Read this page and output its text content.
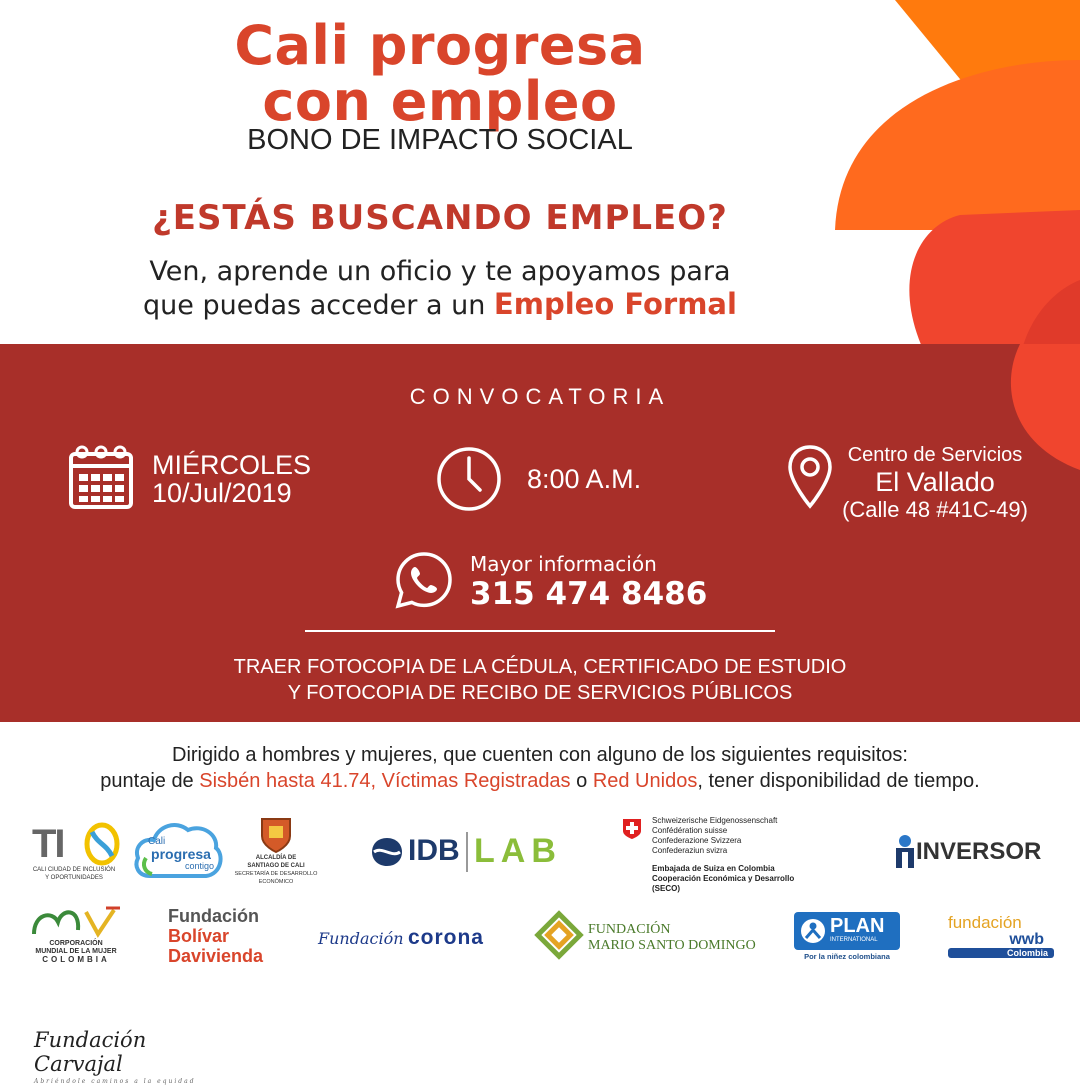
Cali progresa
con empleo
BONO DE IMPACTO SOCIAL
¿ESTÁS BUSCANDO EMPLEO?
Ven, aprende un oficio y te apoyamos para
que puedas acceder a un Empleo Formal
CONVOCATORIA
MIÉRCOLES
10/Jul/2019	8:00 A.M.
Centro de Servicios
El Vallado
(Calle 48 #41C-49)
Mayor información
315 474 8486
TRAER FOTOCOPIA DE LA CÉDULA, CERTIFICADO DE ESTUDIO
Y FOTOCOPIA DE RECIBO DE SERVICIOS PÚBLICOS
Dirigido a hombres y mujeres, que cuenten con alguno de los siguientes requisitos:
puntaje de Sisbén hasta 41.74, Víctimas Registradas o Red Unidos, tener disponibilidad de tiempo.
TI
CALI CIUDAD DE INCLUSIÓN
Y OPORTUNIDADES
Cali
progresa
contigo
ALCALDÍA DE
SANTIAGO DE CALI
SECRETARÍA DE DESARROLLO
ECONÓMICO
IDB LAB
Schweizerische Eidgenossenschaft
Confédération suisse
Confederazione Svizzera
Confederaziun svizra
Embajada de Suiza en Colombia
Cooperación Económica y Desarrollo (SECO)
INVERSOR
CORPORACIÓN
MUNDIAL DE LA MUJER
COLOMBIA
Fundación
Bolívar
Davivienda
Fundación corona	FUNDACIÓN
MARIO SANTO DOMINGO
PLAN
INTERNATIONAL
Por la niñez colombiana
fundación
wwb
Colombia
Fundación Carvajal
Abriéndole caminos a la equidad
